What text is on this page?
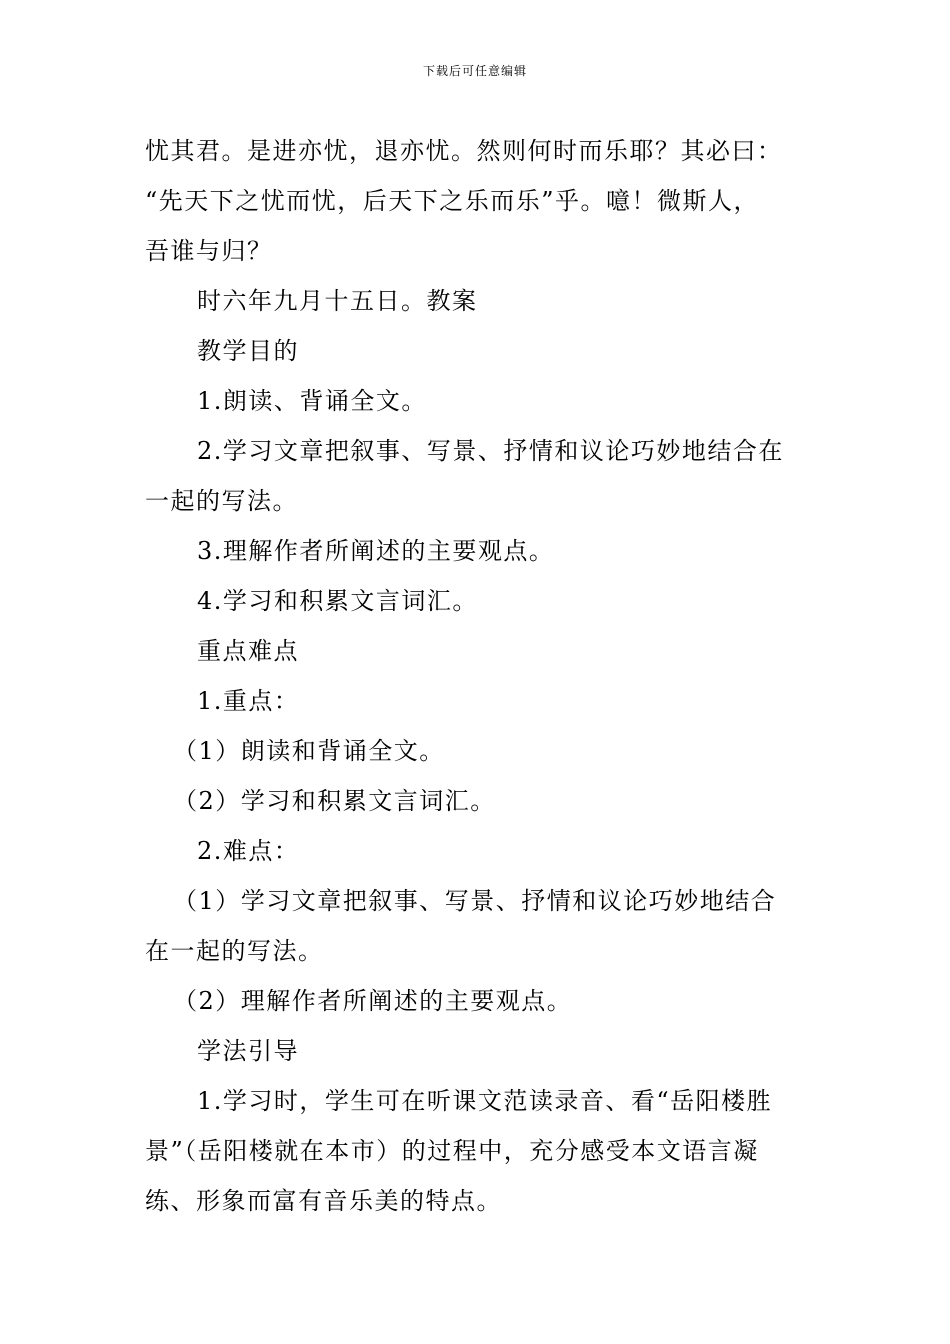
下载后可任意编辑
忧其君。是进亦忧，退亦忧。然则何时而乐耶？其必曰：
“先天下之忧而忧，后天下之乐而乐”乎。噫！微斯人，
吾谁与归？
时六年九月十五日。教案
教学目的
1.朗读、背诵全文。
2.学习文章把叙事、写景、抒情和议论巧妙地结合在
一起的写法。
3.理解作者所阐述的主要观点。
4.学习和积累文言词汇。
重点难点
1.重点：
（1）朗读和背诵全文。
（2）学习和积累文言词汇。
2.难点：
（1）学习文章把叙事、写景、抒情和议论巧妙地结合
在一起的写法。
（2）理解作者所阐述的主要观点。
学法引导
1.学习时，学生可在听课文范读录音、看“岳阳楼胜
景”（岳阳楼就在本市）的过程中，充分感受本文语言凝
练、形象而富有音乐美的特点。
